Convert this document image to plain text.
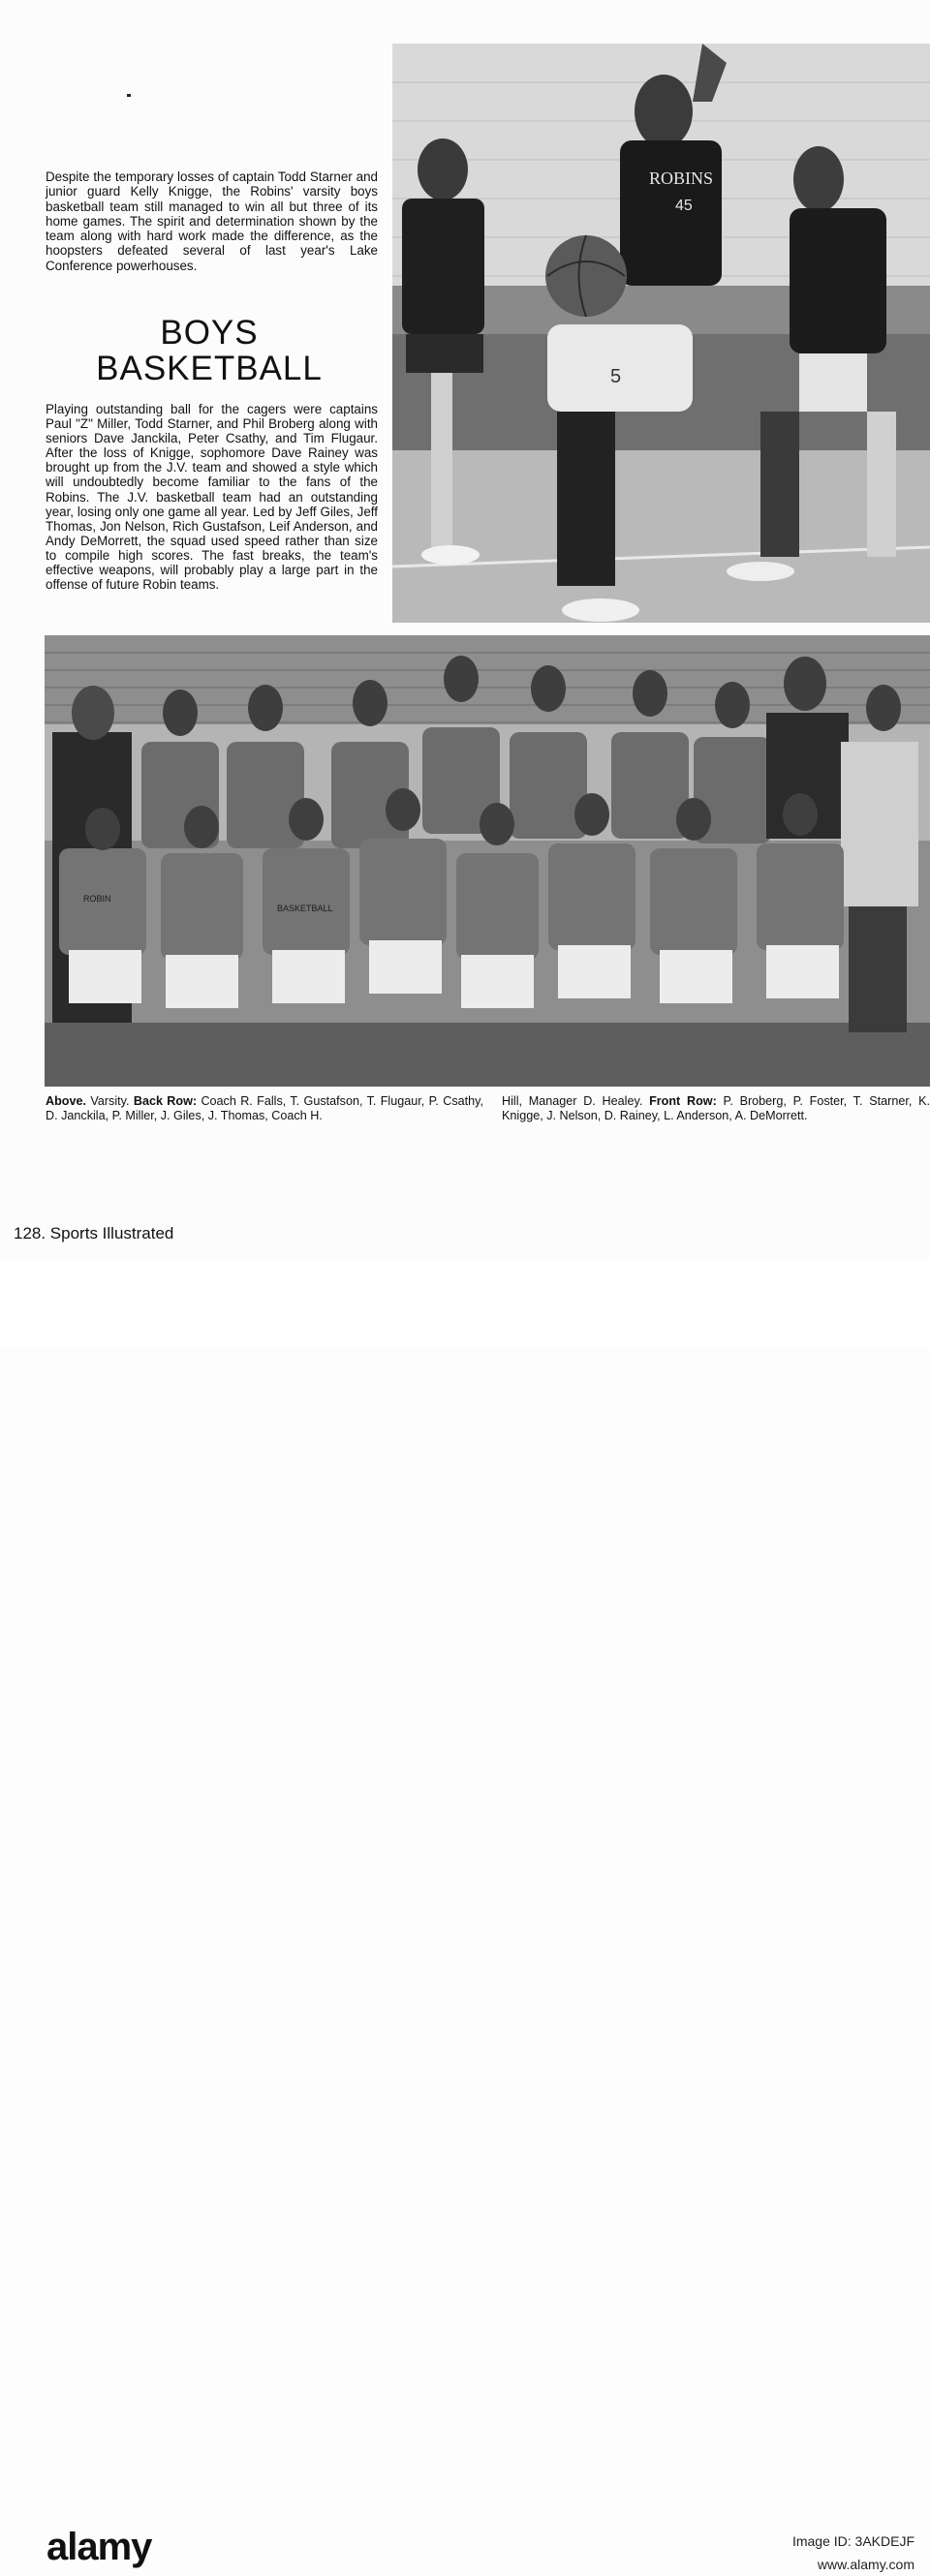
Despite the temporary losses of captain Todd Starner and junior guard Kelly Knigge, the Robins' varsity boys basketball team still managed to win all but three of its home games. The spirit and determination shown by the team along with hard work made the difference, as the hoopsters defeated several of last year's Lake Conference powerhouses.

BOYS
BASKETBALL

Playing outstanding ball for the cagers were captains Paul "Z" Miller, Todd Starner, and Phil Broberg along with seniors Dave Janckila, Peter Csathy, and Tim Flugaur. After the loss of Knigge, sophomore Dave Rainey was brought up from the J.V. team and showed a style which will undoubtedly become familiar to the fans of the Robins. The J.V. basketball team had an outstanding year, losing only one game all year. Led by Jeff Giles, Jeff Thomas, Jon Nelson, Rich Gustafson, Leif Anderson, and Andy DeMorrett, the squad used speed rather than size to compile high scores. The fast breaks, the team's effective weapons, will probably play a large part in the offense of future Robin teams.

ROBINS
45
5
ROBIN
BASKETBALL

Above. Varsity. Back Row: Coach R. Falls, T. Gustafson, T. Flugaur, P. Csathy, D. Janckila, P. Miller, J. Giles, J. Thomas, Coach H.

Hill, Manager D. Healey. Front Row: P. Broberg, P. Foster, T. Starner, K. Knigge, J. Nelson, D. Rainey, L. Anderson, A. DeMorrett.

128. Sports Illustrated

alamy	Image ID: 3AKDEJF
www.alamy.com
